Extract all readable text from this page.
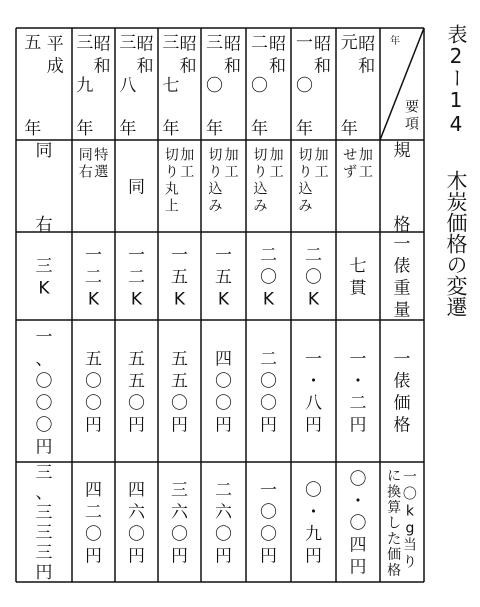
表2ー14 木炭価格の変遷
年
要項
規格
一俵重量
一俵価格
一〇 k g 当り
に換算した価格
昭和
元年
加工
せず
七貫
一・二円
〇・〇四円
昭和
一〇年
加工
切り込み
二〇 K
一・八円
〇・九円
昭和
二〇年
加工
切り込み
二〇 K
二〇〇円
一〇〇円
昭和
三〇年
加工
切り込み
一五 K
四〇〇円
二六〇円
昭和
三七年
加工
切り丸上
一五 K
五五〇円
三六〇円
昭和
三八年
同
一二 K
五五〇円
四六〇円
昭和
三九年
特選
同右
一二 K
五〇〇円
四二〇円
平成
五年
同右
三 K
一、〇〇〇円
三、三三三円
